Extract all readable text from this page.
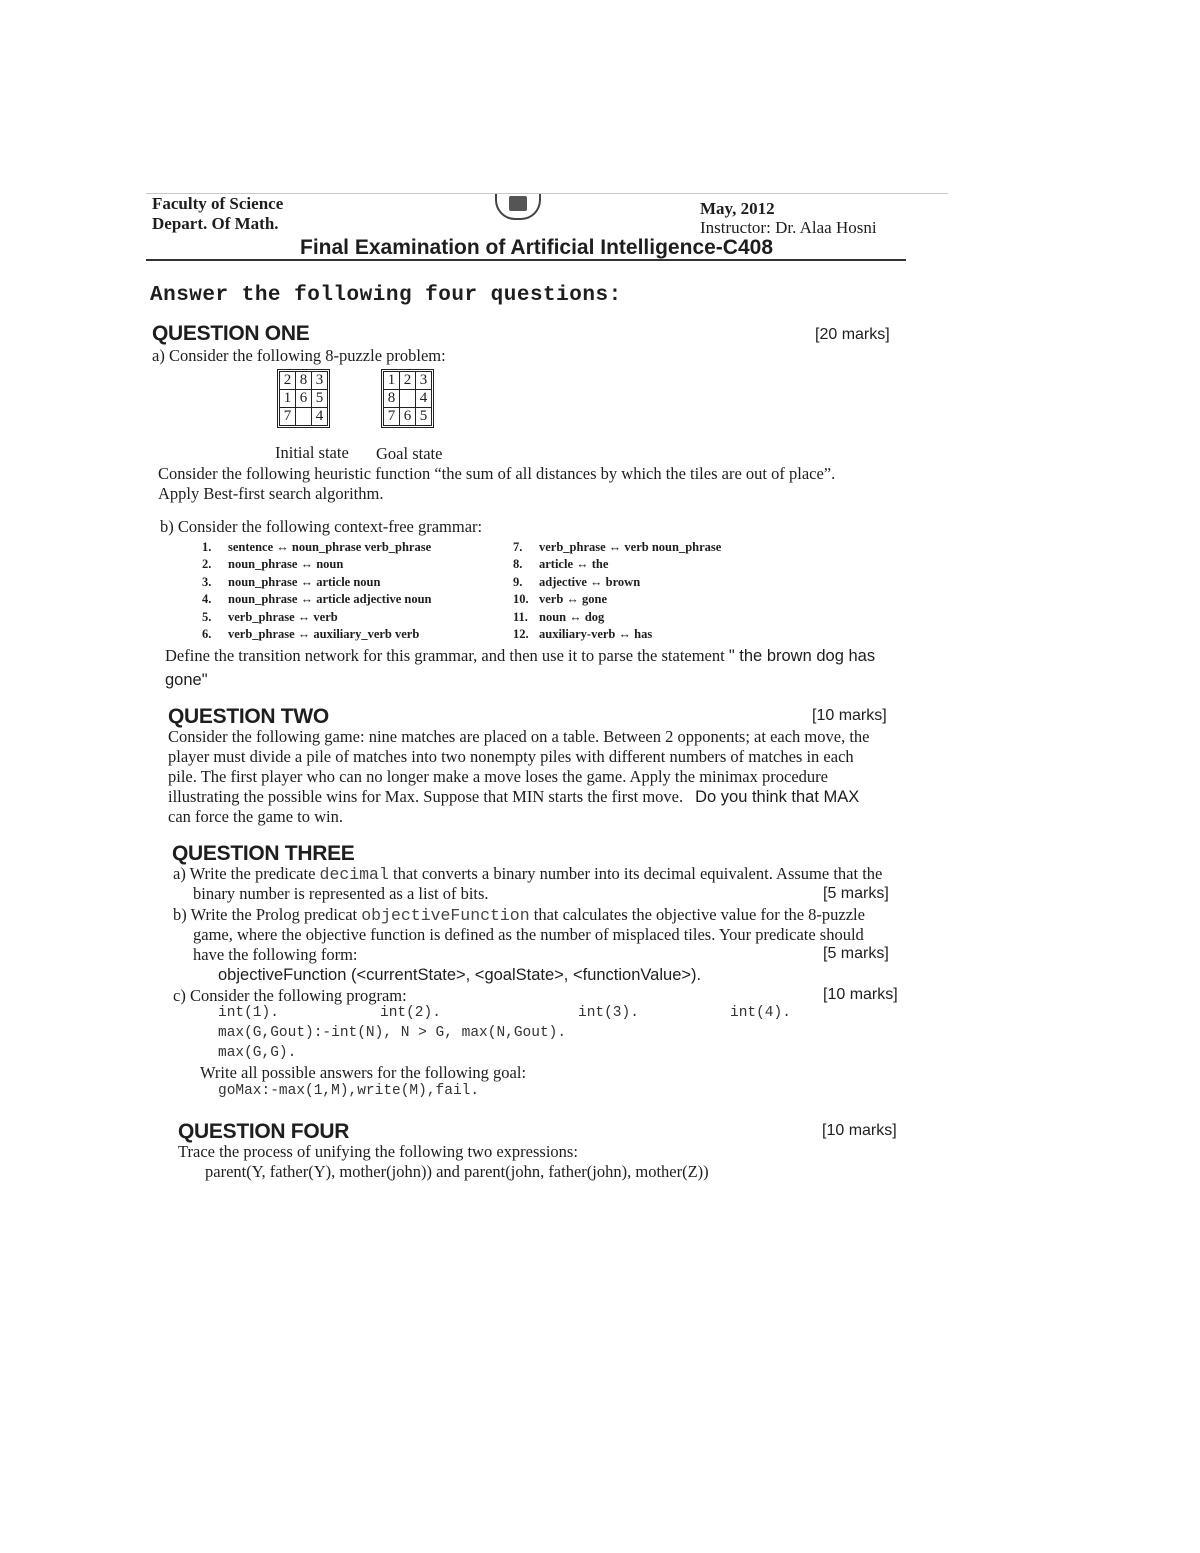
Faculty of Science
Depart. Of Math.
May, 2012
Instructor: Dr. Alaa Hosni
Final Examination of Artificial Intelligence-C408
Answer the following four questions:
QUESTION ONE	[20 marks]
a) Consider the following 8-puzzle problem:
2	8	3
1	6	5
7		4
1	2	3
8		4
7	6	5
Initial state Goal state
Consider the following heuristic function “the sum of all distances by which the tiles are out of place”.
Apply Best-first search algorithm.
b) Consider the following context-free grammar:
1. sentence ↔ noun_phrase verb_phrase
2. noun_phrase ↔ noun
3. noun_phrase ↔ article noun
4. noun_phrase ↔ article adjective noun
5. verb_phrase ↔ verb
6. verb_phrase ↔ auxiliary_verb verb
7. verb_phrase ↔ verb noun_phrase
8. article ↔ the
9. adjective ↔ brown
10. verb ↔ gone
11. noun ↔ dog
12. auxiliary-verb ↔ has
Define the transition network for this grammar, and then use it to parse the statement " the brown dog has
gone"
QUESTION TWO	[10 marks]
Consider the following game: nine matches are placed on a table. Between 2 opponents; at each move, the
player must divide a pile of matches into two nonempty piles with different numbers of matches in each
pile. The first player who can no longer make a move loses the game. Apply the minimax procedure
illustrating the possible wins for Max. Suppose that MIN starts the first move. Do you think that MAX
can force the game to win.
QUESTION THREE
a) Write the predicate decimal that converts a binary number into its decimal equivalent. Assume that the
binary number is represented as a list of bits.	[5 marks]
b) Write the Prolog predicat objectiveFunction that calculates the objective value for the 8-puzzle
game, where the objective function is defined as the number of misplaced tiles. Your predicate should
have the following form:	[5 marks]
objectiveFunction (<currentState>, <goalState>, <functionValue>).
c) Consider the following program:	[10 marks]
int(1).	int(2).	int(3).	int(4).
max(G,Gout):-int(N), N > G, max(N,Gout).
max(G,G).
Write all possible answers for the following goal:
goMax:-max(1,M),write(M),fail.
QUESTION FOUR	[10 marks]
Trace the process of unifying the following two expressions:
parent(Y, father(Y), mother(john)) and parent(john, father(john), mother(Z))
